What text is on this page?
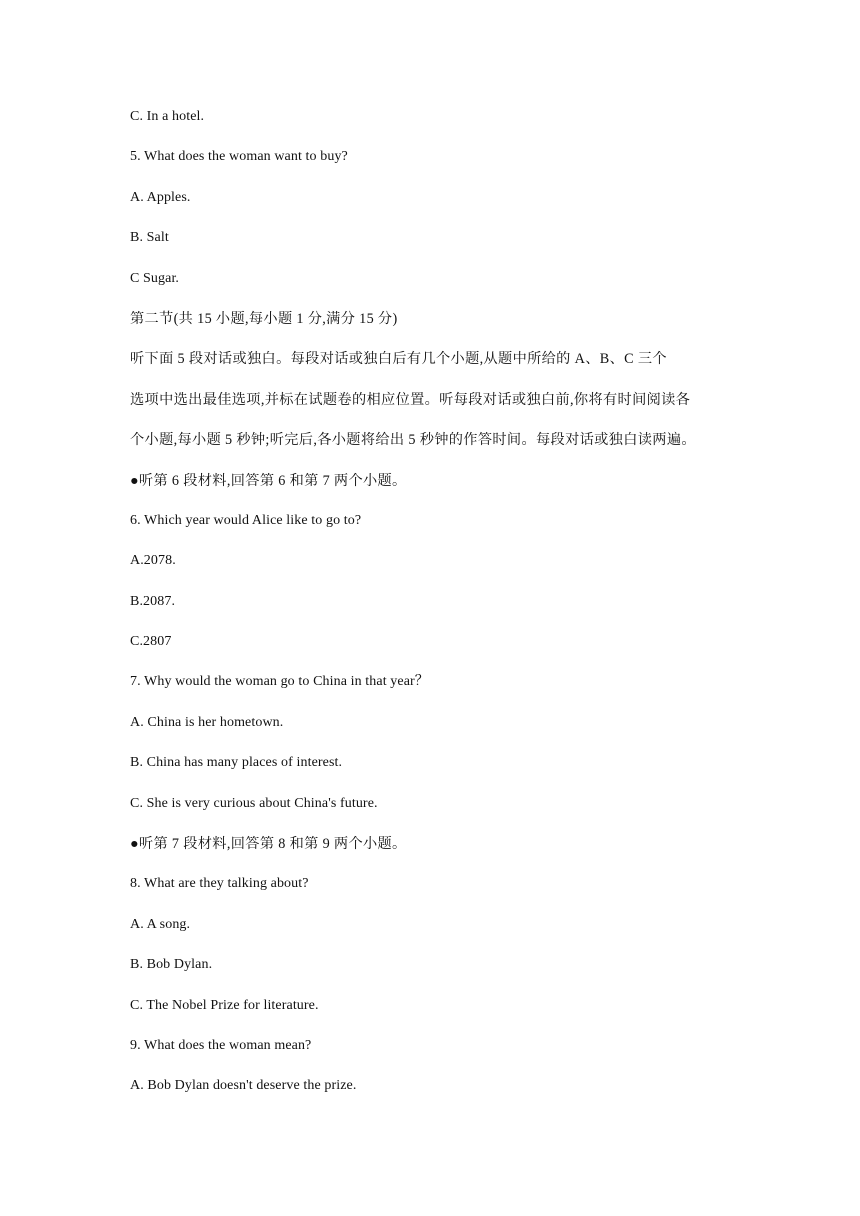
C. In a hotel.
5. What does the woman want to buy?
A. Apples.
B. Salt
C Sugar.
第二节(共 15 小题,每小题 1 分,满分 15 分)
听下面 5 段对话或独白。每段对话或独白后有几个小题,从题中所给的 A、B、C 三个
选项中选出最佳选项,并标在试题卷的相应位置。听每段对话或独白前,你将有时间阅读各
个小题,每小题 5 秒钟;听完后,各小题将给出 5 秒钟的作答时间。每段对话或独白读两遍。
●听第 6 段材料,回答第 6 和第 7 两个小题。
6. Which year would Alice like to go to?
A.2078.
B.2087.
C.2807
7. Why would the woman go to China in that year？
A. China is her hometown.
B. China has many places of interest.
C. She is very curious about China's future.
●听第 7 段材料,回答第 8 和第 9 两个小题。
8. What are they talking about?
A. A song.
B. Bob Dylan.
C. The Nobel Prize for literature.
9. What does the woman mean?
A. Bob Dylan doesn't deserve the prize.
